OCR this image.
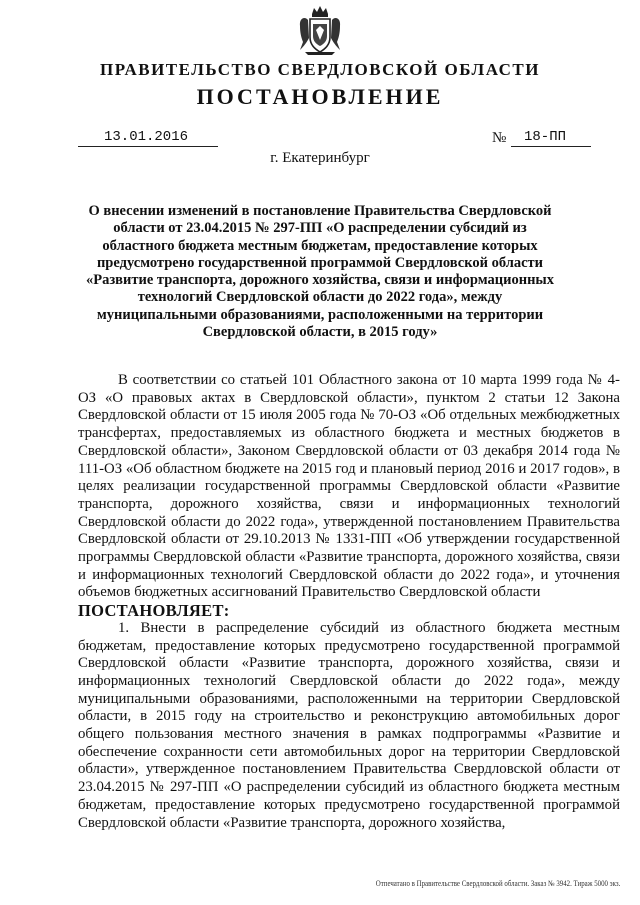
ПРАВИТЕЛЬСТВО СВЕРДЛОВСКОЙ ОБЛАСТИ
ПОСТАНОВЛЕНИЕ
13.01.2016	№ 18-ПП
г. Екатеринбург
О внесении изменений в постановление Правительства Свердловской области от 23.04.2015 № 297-ПП «О распределении субсидий из областного бюджета местным бюджетам, предоставление которых предусмотрено государственной программой Свердловской области «Развитие транспорта, дорожного хозяйства, связи и информационных технологий Свердловской области до 2022 года», между муниципальными образованиями, расположенными на территории Свердловской области, в 2015 году»

В соответствии со статьей 101 Областного закона от 10 марта 1999 года № 4-ОЗ «О правовых актах в Свердловской области», пунктом 2 статьи 12 Закона Свердловской области от 15 июля 2005 года № 70-ОЗ «Об отдельных межбюджетных трансфертах, предоставляемых из областного бюджета и местных бюджетов в Свердловской области», Законом Свердловской области от 03 декабря 2014 года № 111-ОЗ «Об областном бюджете на 2015 год и плановый период 2016 и 2017 годов», в целях реализации государственной программы Свердловской области «Развитие транспорта, дорожного хозяйства, связи и информационных технологий Свердловской области до 2022 года», утвержденной постановлением Правительства Свердловской области от 29.10.2013 № 1331-ПП «Об утверждении государственной программы Свердловской области «Развитие транспорта, дорожного хозяйства, связи и информационных технологий Свердловской области до 2022 года», и уточнения объемов бюджетных ассигнований Правительство Свердловской области

ПОСТАНОВЛЯЕТ:

1. Внести в распределение субсидий из областного бюджета местным бюджетам, предоставление которых предусмотрено государственной программой Свердловской области «Развитие транспорта, дорожного хозяйства, связи и информационных технологий Свердловской области до 2022 года», между муниципальными образованиями, расположенными на территории Свердловской области, в 2015 году на строительство и реконструкцию автомобильных дорог общего пользования местного значения в рамках подпрограммы «Развитие и обеспечение сохранности сети автомобильных дорог на территории Свердловской области», утвержденное постановлением Правительства Свердловской области от 23.04.2015 № 297-ПП «О распределении субсидий из областного бюджета местным бюджетам, предоставление которых предусмотрено государственной программой Свердловской области «Развитие транспорта, дорожного хозяйства,

Отпечатано в Правительстве Свердловской области. Заказ № 3942. Тираж 5000 экз.
